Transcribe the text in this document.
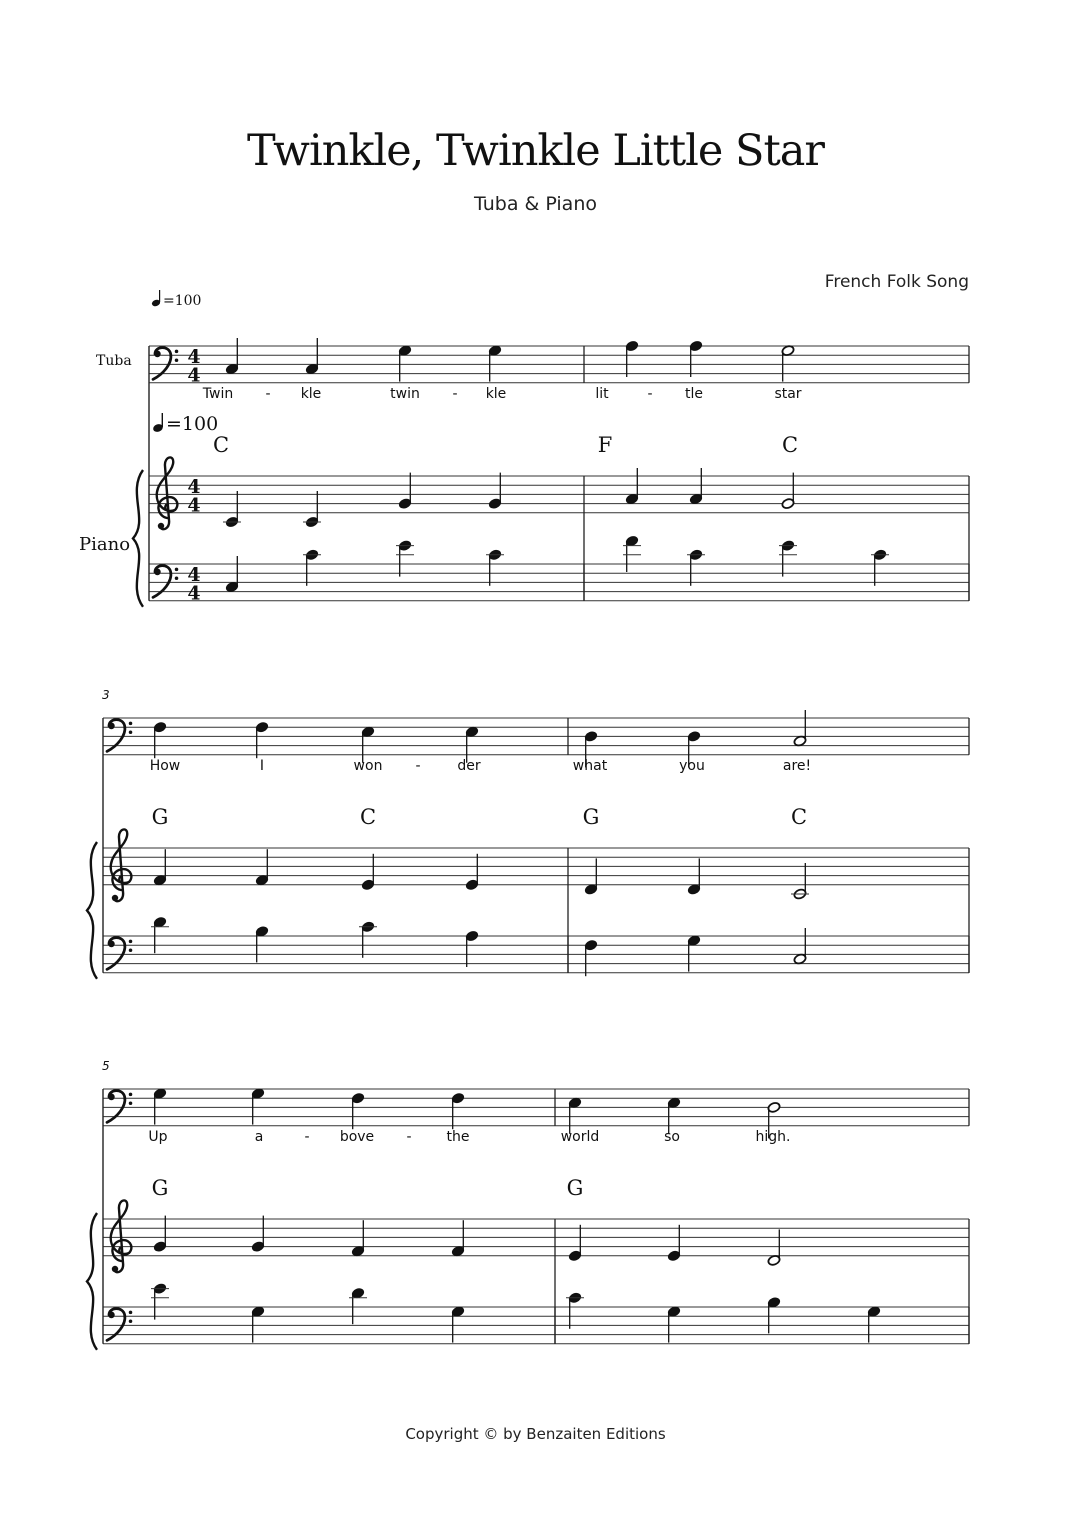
Twinkle, Twinkle Little Star
Tuba & Piano
French Folk Song
=100
=100
Tuba
Piano
3
5
Twin - kle	twin - kle	lit	- tle	star
How	I	won -	der	what	you	are!
Up	a	- bove - the	world	so	high.
C	F	C
G	C	G	C
G	G
4
4
4
4
4
4
Copyright © by Benzaiten Editions
